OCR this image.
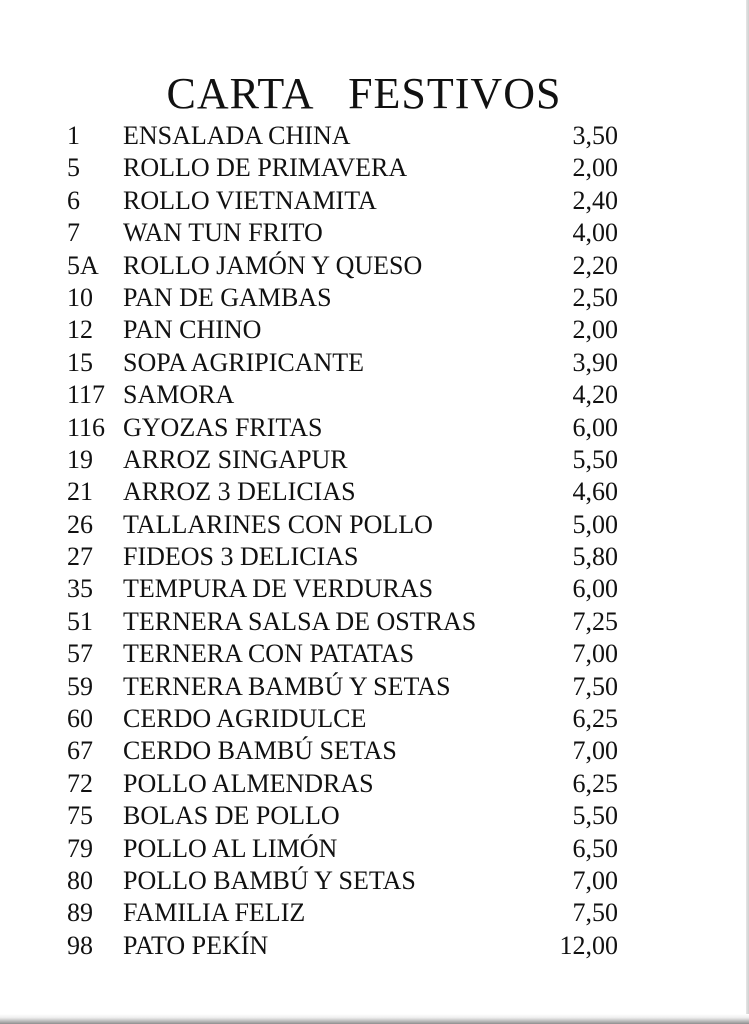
CARTA  FESTIVOS
1 ENSALADA CHINA	3,50
5 ROLLO DE PRIMAVERA	2,00
6 ROLLO VIETNAMITA	2,40
7 WAN TUN FRITO	4,00
5A ROLLO JAMÓN Y QUESO	2,20
10 PAN DE GAMBAS	2,50
12 PAN CHINO	2,00
15 SOPA AGRIPICANTE	3,90
117 SAMORA	4,20
116 GYOZAS FRITAS	6,00
19 ARROZ SINGAPUR	5,50
21 ARROZ 3 DELICIAS	4,60
26 TALLARINES CON POLLO	5,00
27 FIDEOS 3 DELICIAS	5,80
35 TEMPURA DE VERDURAS	6,00
51 TERNERA SALSA DE OSTRAS	7,25
57 TERNERA CON PATATAS	7,00
59 TERNERA BAMBÚ Y SETAS	7,50
60 CERDO AGRIDULCE	6,25
67 CERDO BAMBÚ SETAS	7,00
72 POLLO ALMENDRAS	6,25
75 BOLAS DE POLLO	5,50
79 POLLO AL LIMÓN	6,50
80 POLLO BAMBÚ Y SETAS	7,00
89 FAMILIA FELIZ	7,50
98 PATO PEKÍN	12,00
